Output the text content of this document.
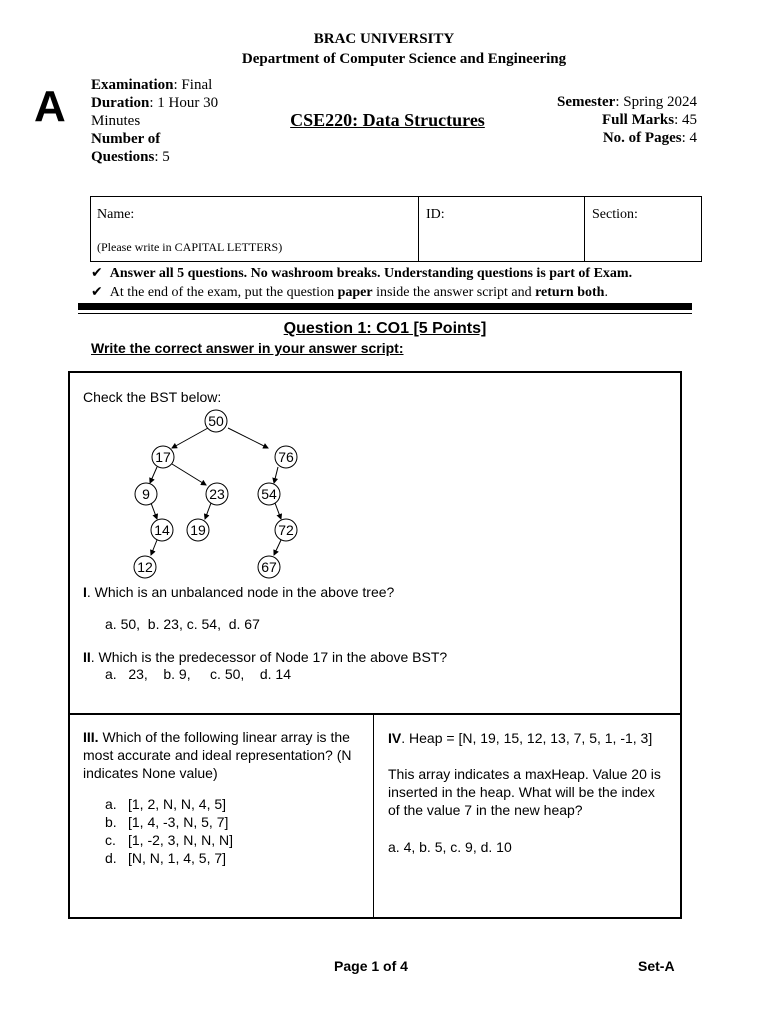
BRAC UNIVERSITY
Department of Computer Science and Engineering
A Examination: Final
Duration: 1 Hour 30
Minutes
Number of
Questions: 5
CSE220: Data Structures
Semester: Spring 2024
Full Marks: 45
No. of Pages: 4
Name:
(Please write in CAPITAL LETTERS)
ID:	Section:
✔ Answer all 5 questions. No washroom breaks. Understanding questions is part of Exam.
✔ At the end of the exam, put the question paper inside the answer script and return both.
Question 1: CO1 [5 Points]
Write the correct answer in your answer script:
Check the BST below:
50
17	76
9	23	54
14 19	72
12	67
I. Which is an unbalanced node in the above tree?
a. 50,  b. 23, c. 54,  d. 67
II. Which is the predecessor of Node 17 in the above BST?
a.   23,    b. 9,     c. 50,    d. 14
III. Which of the following linear array is the
most accurate and ideal representation? (N
indicates None value)
a. [1, 2, N, N, 4, 5]
b. [1, 4, -3, N, 5, 7]
c. [1, -2, 3, N, N, N]
d. [N, N, 1, 4, 5, 7]
IV. Heap = [N, 19, 15, 12, 13, 7, 5, 1, -1, 3]
This array indicates a maxHeap. Value 20 is
inserted in the heap. What will be the index
of the value 7 in the new heap?
a. 4, b. 5, c. 9, d. 10
Page 1 of 4	Set-A
